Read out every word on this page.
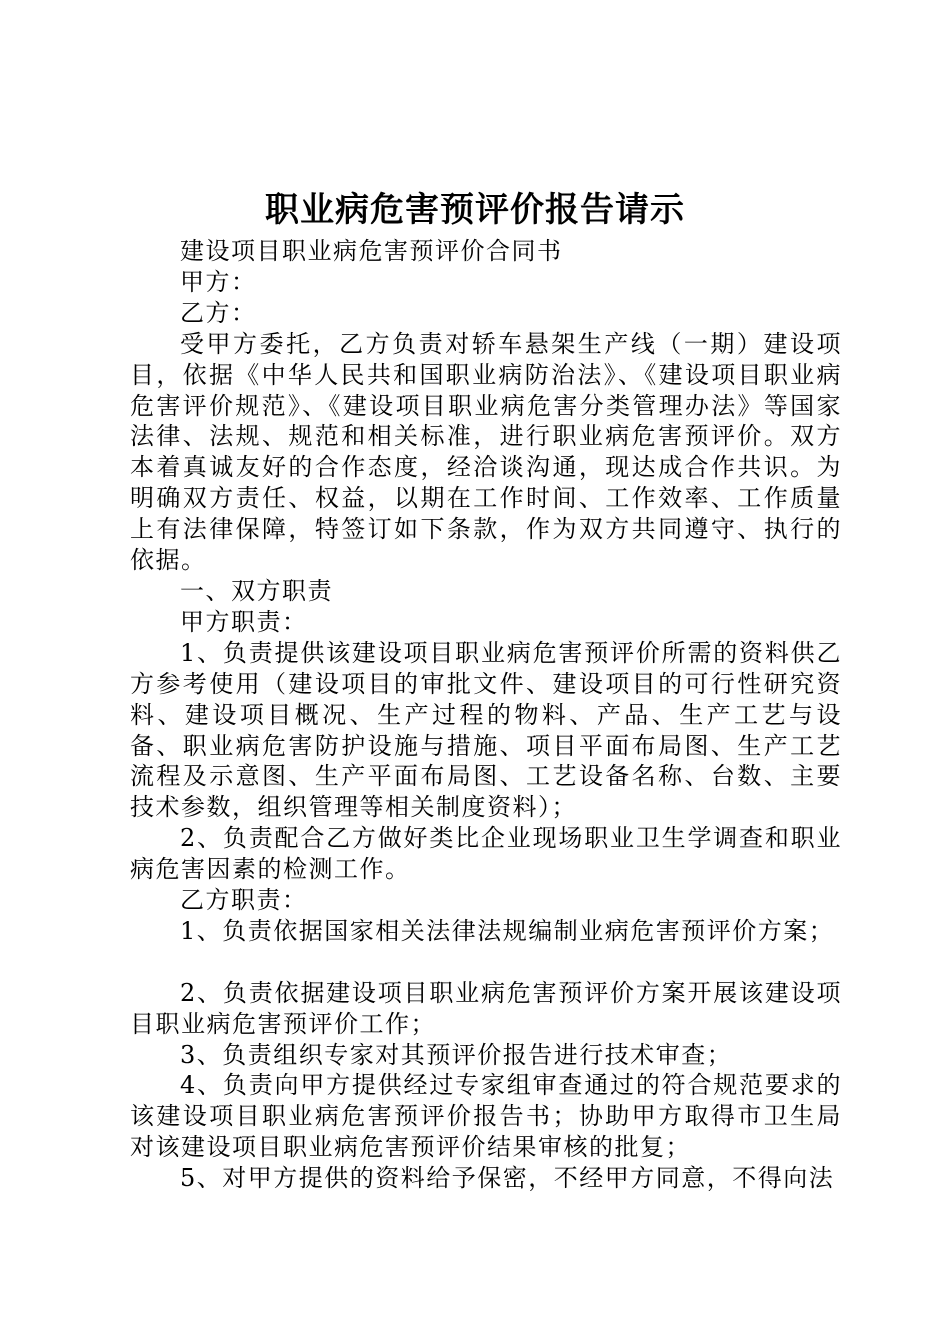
职业病危害预评价报告请示

建设项目职业病危害预评价合同书

甲方：

乙方：

受甲方委托，乙方负责对轿车悬架生产线（一期）建设项目，依据《中华人民共和国职业病防治法》、《建设项目职业病危害评价规范》、《建设项目职业病危害分类管理办法》等国家法律、法规、规范和相关标准，进行职业病危害预评价。双方本着真诚友好的合作态度，经洽谈沟通，现达成合作共识。为明确双方责任、权益，以期在工作时间、工作效率、工作质量上有法律保障，特签订如下条款，作为双方共同遵守、执行的依据。

一、双方职责

甲方职责：

1、负责提供该建设项目职业病危害预评价所需的资料供乙方参考使用（建设项目的审批文件、建设项目的可行性研究资料、建设项目概况、生产过程的物料、产品、生产工艺与设备、职业病危害防护设施与措施、项目平面布局图、生产工艺流程及示意图、生产平面布局图、工艺设备名称、台数、主要技术参数，组织管理等相关制度资料）；

2、负责配合乙方做好类比企业现场职业卫生学调查和职业病危害因素的检测工作。

乙方职责：

1、负责依据国家相关法律法规编制业病危害预评价方案；

2、负责依据建设项目职业病危害预评价方案开展该建设项目职业病危害预评价工作；

3、负责组织专家对其预评价报告进行技术审查；

4、负责向甲方提供经过专家组审查通过的符合规范要求的该建设项目职业病危害预评价报告书；协助甲方取得市卫生局对该建设项目职业病危害预评价结果审核的批复；

5、对甲方提供的资料给予保密，不经甲方同意，不得向法
